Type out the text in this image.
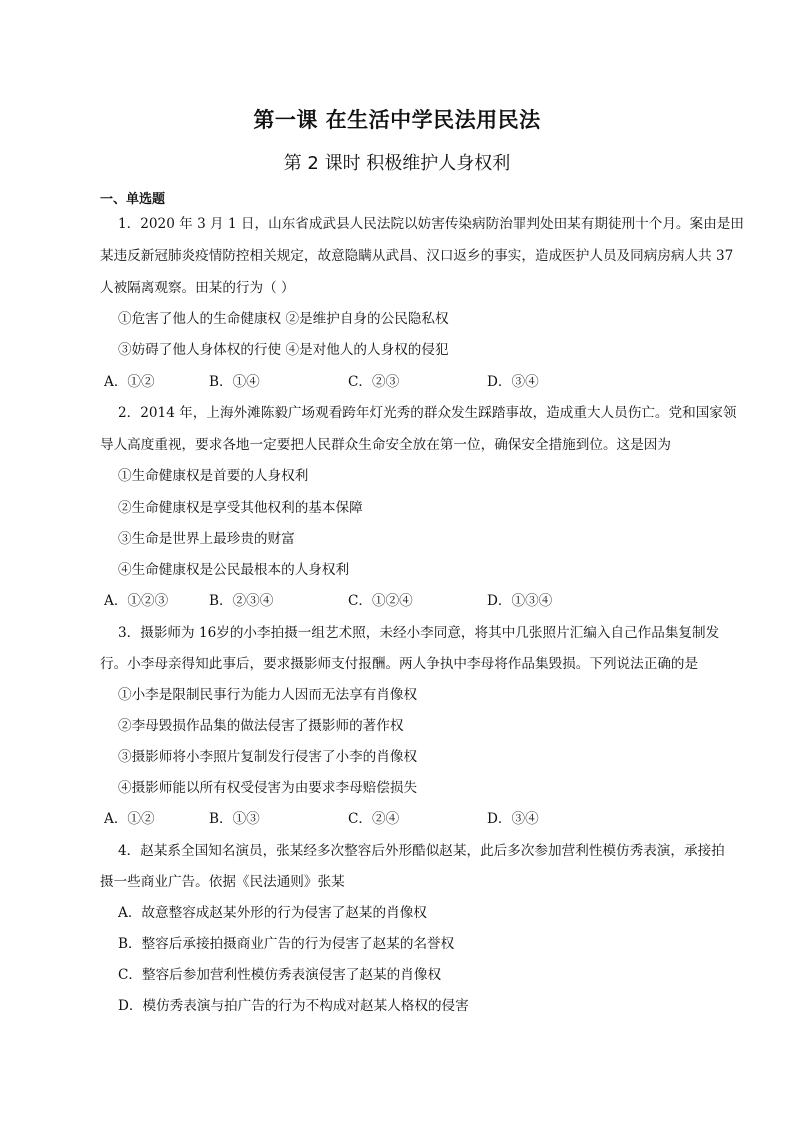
第一课 在生活中学民法用民法
第 2 课时 积极维护人身权利
一、单选题
1．2020 年 3 月 1 日，山东省成武县人民法院以妨害传染病防治罪判处田某有期徒刑十个月。案由是田
某违反新冠肺炎疫情防控相关规定，故意隐瞒从武昌、汉口返乡的事实，造成医护人员及同病房病人共 37
人被隔离观察。田某的行为（ ）
①危害了他人的生命健康权 ②是维护自身的公民隐私权
③妨碍了他人身体权的行使 ④是对他人的人身权的侵犯
A．①②	B．①④	C．②③	D．③④
2．2014 年，上海外滩陈毅广场观看跨年灯光秀的群众发生踩踏事故，造成重大人员伤亡。党和国家领
导人高度重视，要求各地一定要把人民群众生命安全放在第一位，确保安全措施到位。这是因为
①生命健康权是首要的人身权利
②生命健康权是享受其他权利的基本保障
③生命是世界上最珍贵的财富
④生命健康权是公民最根本的人身权利
A．①②③	B．②③④	C．①②④	D．①③④
3．摄影师为 16岁的小李拍摄一组艺术照，未经小李同意，将其中几张照片汇编入自己作品集复制发
行。小李母亲得知此事后，要求摄影师支付报酬。两人争执中李母将作品集毁损。下列说法正确的是
①小李是限制民事行为能力人因而无法享有肖像权
②李母毁损作品集的做法侵害了摄影师的著作权
③摄影师将小李照片复制发行侵害了小李的肖像权
④摄影师能以所有权受侵害为由要求李母赔偿损失
A．①②	B．①③	C．②④	D．③④
4．赵某系全国知名演员，张某经多次整容后外形酷似赵某，此后多次参加营利性模仿秀表演，承接拍
摄一些商业广告。依据《民法通则》张某
A．故意整容成赵某外形的行为侵害了赵某的肖像权
B．整容后承接拍摄商业广告的行为侵害了赵某的名誉权
C．整容后参加营利性模仿秀表演侵害了赵某的肖像权
D．模仿秀表演与拍广告的行为不构成对赵某人格权的侵害
